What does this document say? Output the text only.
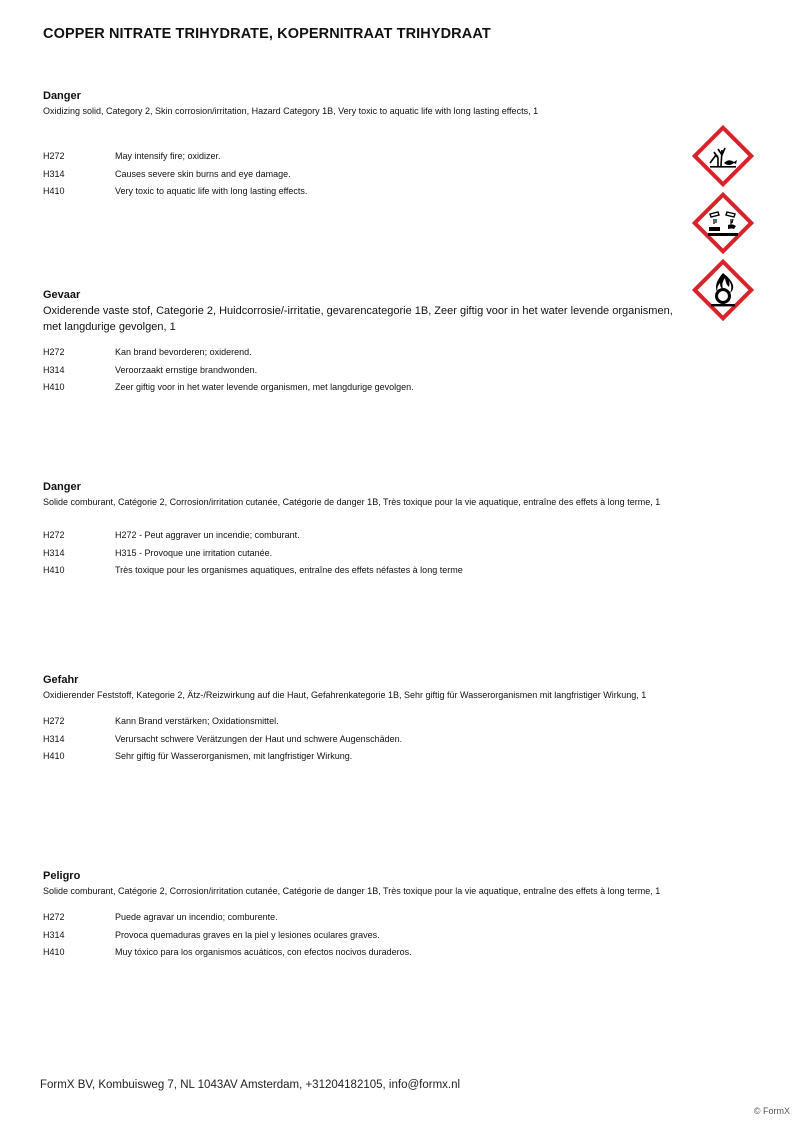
COPPER NITRATE TRIHYDRATE, KOPERNITRAAT TRIHYDRAAT
Danger
Oxidizing solid, Category 2, Skin corrosion/irritation, Hazard Category 1B, Very toxic to aquatic life with long lasting effects, 1
H272	May intensify fire; oxidizer.
H314	Causes severe skin burns and eye damage.
H410	Very toxic to aquatic life with long lasting effects.
Gevaar
Oxiderende vaste stof, Categorie 2, Huidcorrosie/-irritatie, gevarencategorie 1B, Zeer giftig voor in het water levende organismen, met langdurige gevolgen, 1
H272	Kan brand bevorderen; oxiderend.
H314	Veroorzaakt ernstige brandwonden.
H410	Zeer giftig voor in het water levende organismen, met langdurige gevolgen.
Danger
Solide comburant, Catégorie 2, Corrosion/irritation cutanée, Catégorie de danger 1B, Très toxique pour la vie aquatique, entraîne des effets à long terme, 1
H272	H272 - Peut aggraver un incendie; comburant.
H314	H315 - Provoque une irritation cutanée.
H410	Très toxique pour les organismes aquatiques, entraîne des effets néfastes à long terme
Gefahr
Oxidierender Feststoff, Kategorie 2, Ätz-/Reizwirkung auf die Haut, Gefahrenkategorie 1B, Sehr giftig für Wasserorganismen mit langfristiger Wirkung, 1
H272	Kann Brand verstärken; Oxidationsmittel.
H314	Verursacht schwere Verätzungen der Haut und schwere Augenschäden.
H410	Sehr giftig für Wasserorganismen, mit langfristiger Wirkung.
Peligro
Solide comburant, Catégorie 2, Corrosion/irritation cutanée, Catégorie de danger 1B, Très toxique pour la vie aquatique, entraîne des effets à long terme, 1
H272	Puede agravar un incendio; comburente.
H314	Provoca quemaduras graves en la piel y lesiones oculares graves.
H410	Muy tóxico para los organismos acuáticos, con efectos nocivos duraderos.
FormX BV, Kombuisweg 7, NL 1043AV Amsterdam, +31204182105, info@formx.nl
© FormX
